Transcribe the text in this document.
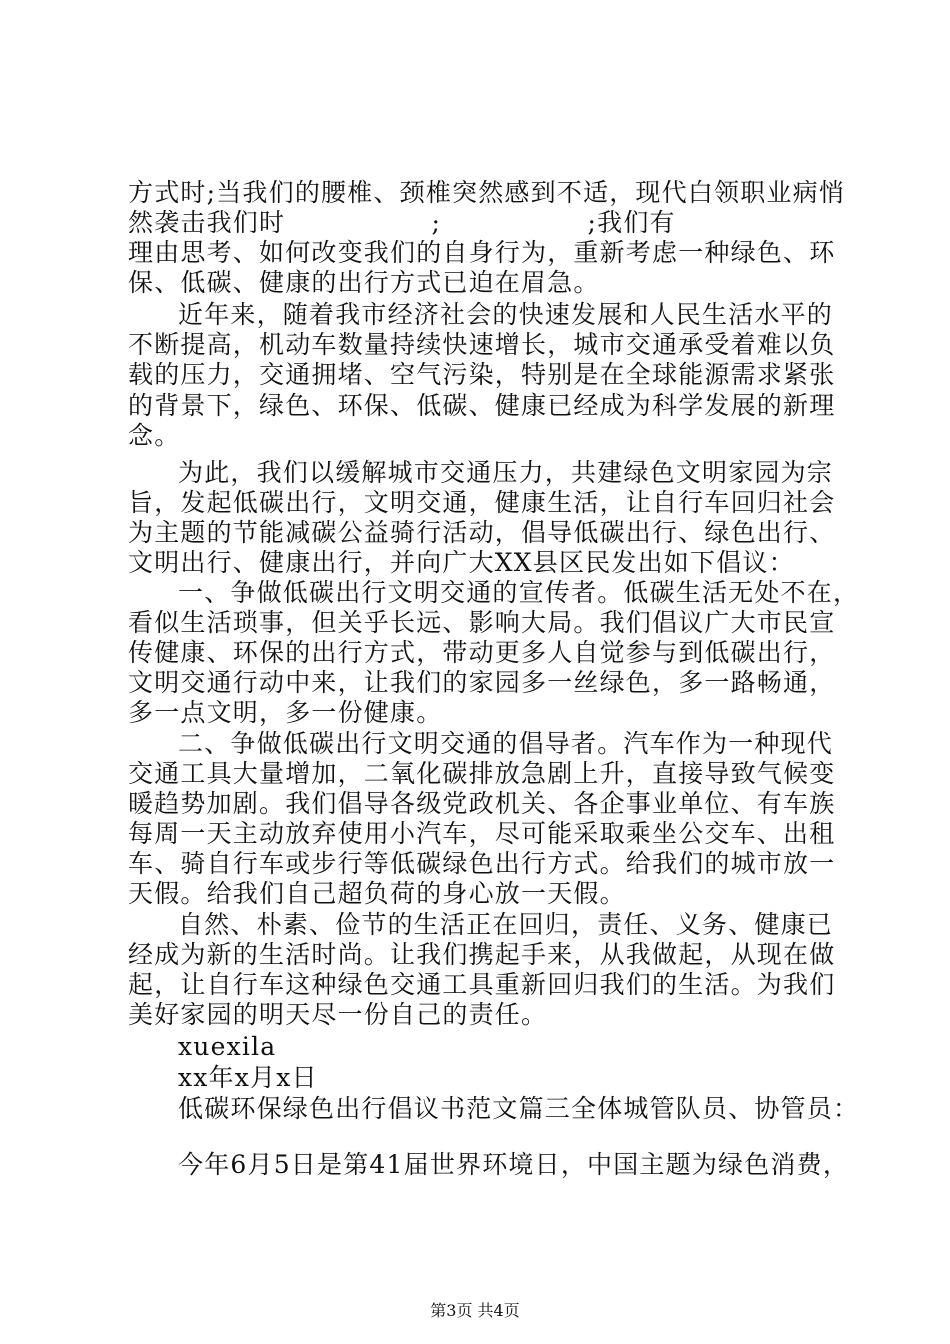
方式时;当我们的腰椎、颈椎突然感到不适，现代白领职业病悄
然袭击我们时                ;                ;我们有
理由思考、如何改变我们的自身行为，重新考虑一种绿色、环
保、低碳、健康的出行方式已迫在眉急。
近年来，随着我市经济社会的快速发展和人民生活水平的
不断提高，机动车数量持续快速增长，城市交通承受着难以负
载的压力，交通拥堵、空气污染，特别是在全球能源需求紧张
的背景下，绿色、环保、低碳、健康已经成为科学发展的新理
念。
为此，我们以缓解城市交通压力，共建绿色文明家园为宗
旨，发起低碳出行，文明交通，健康生活，让自行车回归社会
为主题的节能减碳公益骑行活动，倡导低碳出行、绿色出行、
文明出行、健康出行，并向广大XX县区民发出如下倡议：
一、争做低碳出行文明交通的宣传者。低碳生活无处不在，
看似生活琐事，但关乎长远、影响大局。我们倡议广大市民宣
传健康、环保的出行方式，带动更多人自觉参与到低碳出行，
文明交通行动中来，让我们的家园多一丝绿色，多一路畅通，
多一点文明，多一份健康。
二、争做低碳出行文明交通的倡导者。汽车作为一种现代
交通工具大量增加，二氧化碳排放急剧上升，直接导致气候变
暖趋势加剧。我们倡导各级党政机关、各企事业单位、有车族
每周一天主动放弃使用小汽车，尽可能采取乘坐公交车、出租
车、骑自行车或步行等低碳绿色出行方式。给我们的城市放一
天假。给我们自己超负荷的身心放一天假。
自然、朴素、俭节的生活正在回归，责任、义务、健康已
经成为新的生活时尚。让我们携起手来，从我做起，从现在做
起，让自行车这种绿色交通工具重新回归我们的生活。为我们
美好家园的明天尽一份自己的责任。
xuexila
xx年x月x日
低碳环保绿色出行倡议书范文篇三全体城管队员、协管员：
今年6月5日是第41届世界环境日，中国主题为绿色消费，
第3页 共4页
